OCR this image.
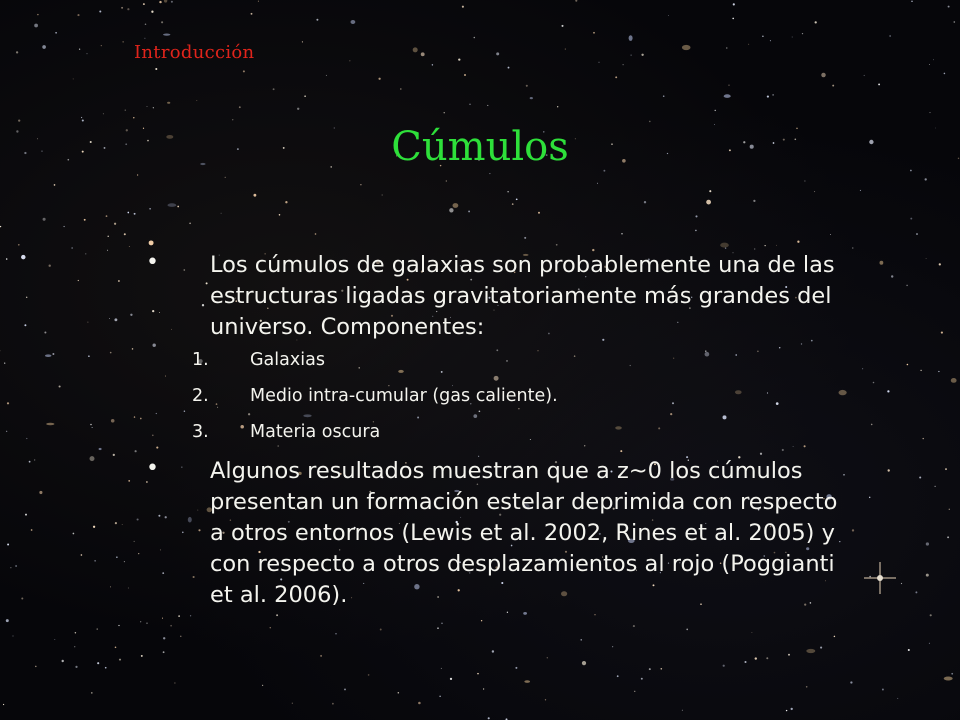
Introducción
Cúmulos
• Los cúmulos de galaxias son probablemente una de las estructuras ligadas gravitatoriamente más grandes del universo. Componentes:
1. Galaxias
2. Medio intra-cumular (gas caliente).
3. Materia oscura
• Algunos resultados muestran que a z~0 los cúmulos presentan un formación estelar deprimida con respecto a otros entornos (Lewis et al. 2002, Rines et al. 2005) y con respecto a otros desplazamientos al rojo (Poggianti et al. 2006).
